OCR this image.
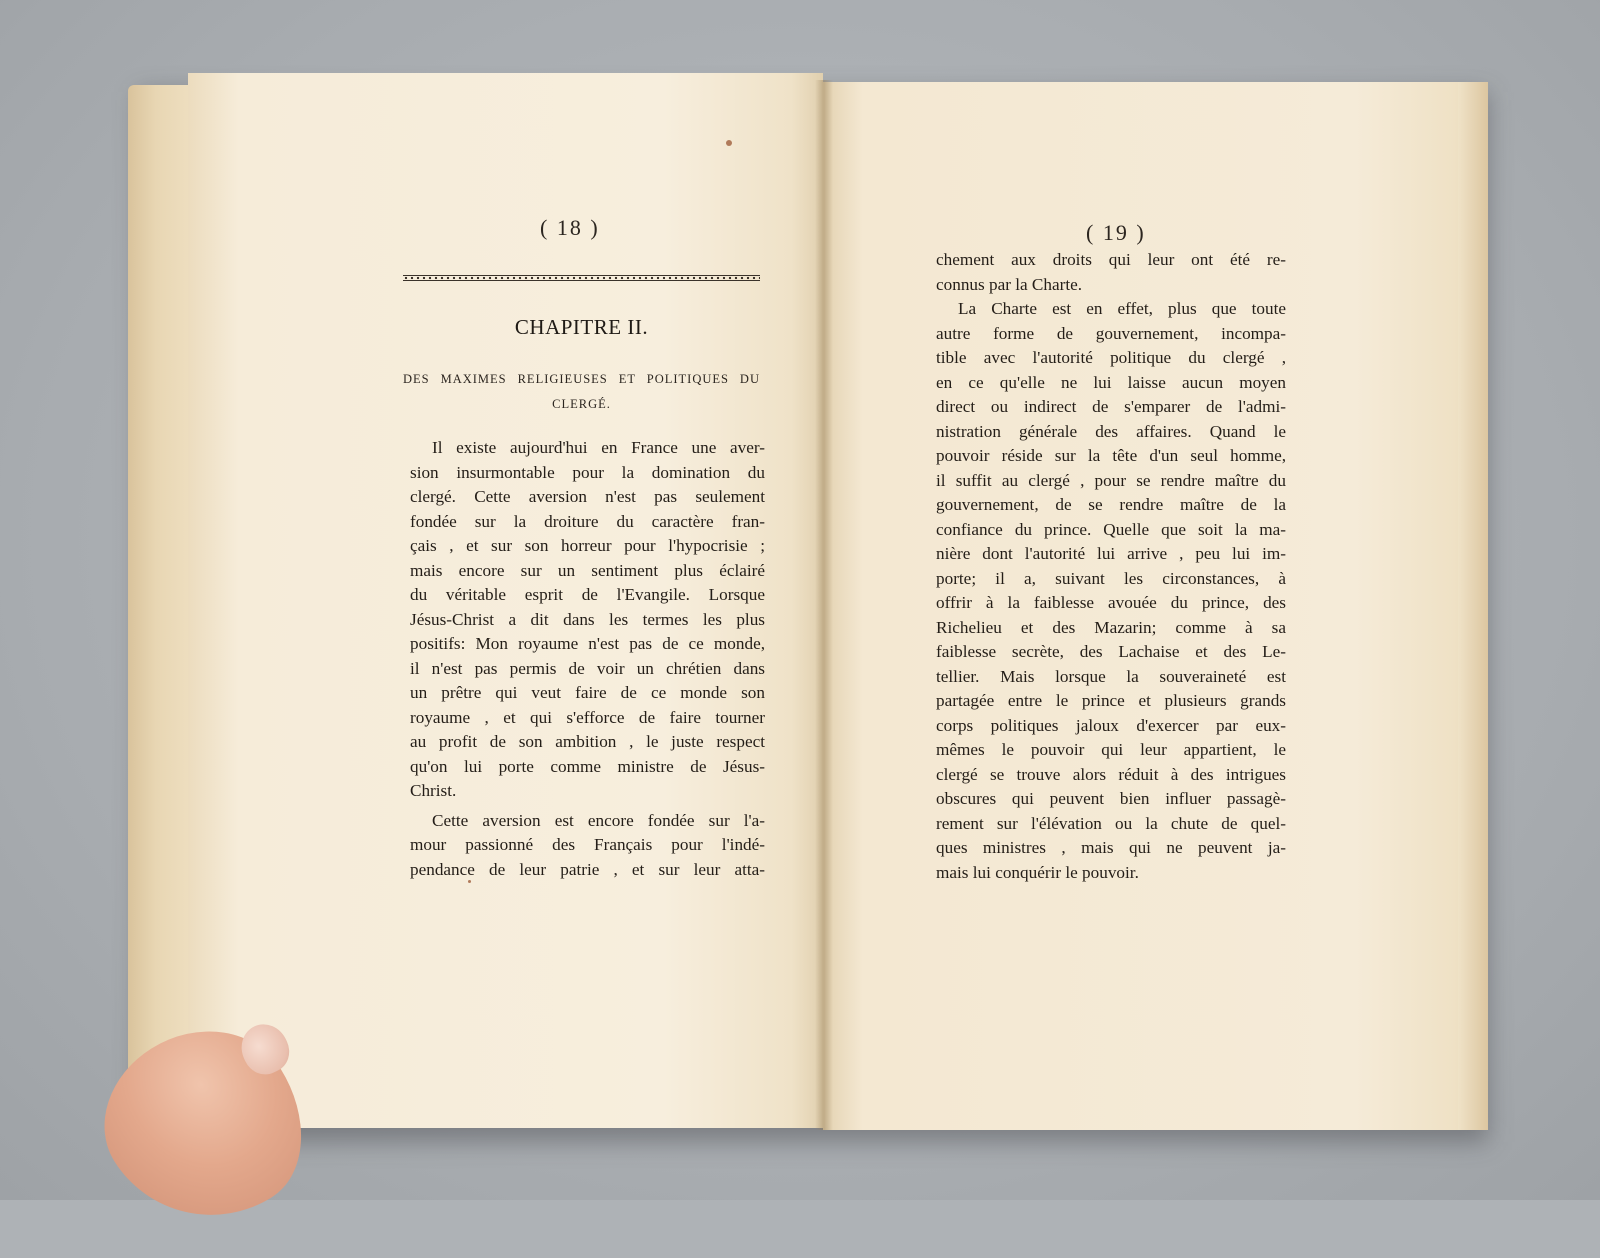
( 18 )
CHAPITRE II.
DES MAXIMES RELIGIEUSES ET POLITIQUES DU
CLERGÉ.
Il existe aujourd'hui en France une aver-
sion insurmontable pour la domination du
clergé. Cette aversion n'est pas seulement
fondée sur la droiture du caractère fran-
çais , et sur son horreur pour l'hypocrisie ;
mais encore sur un sentiment plus éclairé
du véritable esprit de l'Evangile. Lorsque
Jésus-Christ a dit dans les termes les plus
positifs: Mon royaume n'est pas de ce monde,
il n'est pas permis de voir un chrétien dans
un prêtre qui veut faire de ce monde son
royaume , et qui s'efforce de faire tourner
au profit de son ambition , le juste respect
qu'on lui porte comme ministre de Jésus-
Christ.
Cette aversion est encore fondée sur l'a-
mour passionné des Français pour l'indé-
pendance de leur patrie , et sur leur atta-
( 19 )
chement aux droits qui leur ont été re-
connus par la Charte.
La Charte est en effet, plus que toute
autre forme de gouvernement, incompa-
tible avec l'autorité politique du clergé ,
en ce qu'elle ne lui laisse aucun moyen
direct ou indirect de s'emparer de l'admi-
nistration générale des affaires. Quand le
pouvoir réside sur la tête d'un seul homme,
il suffit au clergé , pour se rendre maître du
gouvernement, de se rendre maître de la
confiance du prince. Quelle que soit la ma-
nière dont l'autorité lui arrive , peu lui im-
porte; il a, suivant les circonstances, à
offrir à la faiblesse avouée du prince, des
Richelieu et des Mazarin; comme à sa
faiblesse secrète, des Lachaise et des Le-
tellier. Mais lorsque la souveraineté est
partagée entre le prince et plusieurs grands
corps politiques jaloux d'exercer par eux-
mêmes le pouvoir qui leur appartient, le
clergé se trouve alors réduit à des intrigues
obscures qui peuvent bien influer passagè-
rement sur l'élévation ou la chute de quel-
ques ministres , mais qui ne peuvent ja-
mais lui conquérir le pouvoir.
